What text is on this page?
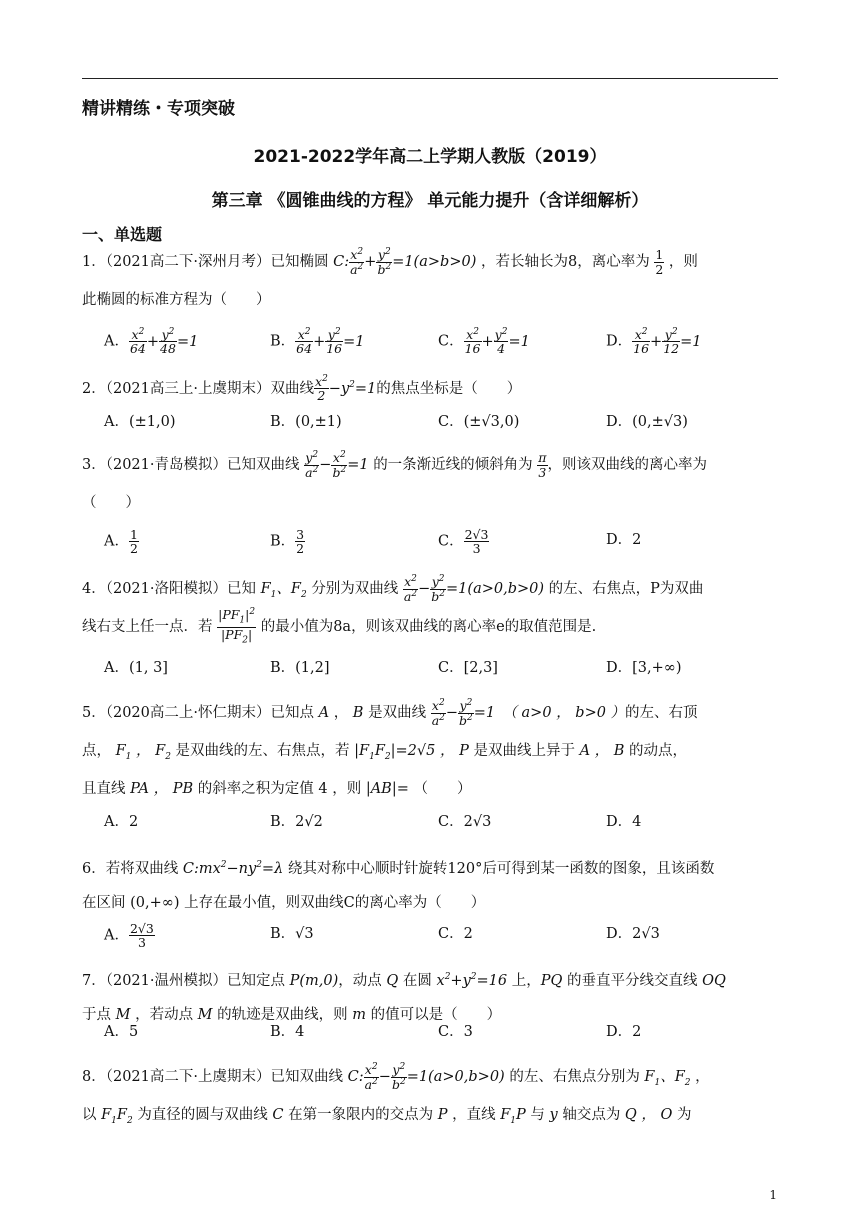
精讲精练・专项突破
2021-2022学年高二上学期人教版（2019）
第三章 《圆锥曲线的方程》 单元能力提升（含详细解析）
一、单选题
1．（2021高二下·深州月考）已知椭圆 C: $\frac{x^2}{a^2} + \frac{y^2}{b^2} =1(a>b>0)$ ，若长轴长为8，离心率为 $\frac{1}{2}$ ，则
此椭圆的标准方程为（　　）
A． $\frac{x^2}{64} + \frac{y^2}{48} =1$	B． $\frac{x^2}{64} + \frac{y^2}{16} =1$	C． $\frac{x^2}{16} + \frac{y^2}{4} =1$	D． $\frac{x^2}{16} + \frac{y^2}{12} =1$
2．（2021高三上·上虞期末）双曲线 $\frac{x^2}{2} -y^2=1$的焦点坐标是（　　）
A．(±1,0)	B．(0,±1)	C．(±√3,0)	D．(0,±√3)
3．（2021·青岛模拟）已知双曲线 $\frac{y^2}{a^2} - \frac{x^2}{b^2} =1$ 的一条渐近线的倾斜角为 $\frac{\pi}{3}$ ，则该双曲线的离心率为
（　　）
A． $\frac{1}{2}$	B． $\frac{3}{2}$	C． $\frac{2√3}{3}$	D．2
4．（2021·洛阳模拟）已知 $F_1$、$F_2$ 分别为双曲线 $\frac{x^2}{a^2} - \frac{y^2}{b^2} =1(a>0,b>0)$ 的左、右焦点，P为双曲
线右支上任一点．若 $\frac{|PF_1|^2}{|PF_2|}$ 的最小值为8a，则该双曲线的离心率e的取值范围是.
A．(1, 3]	B．(1,2]	C．[2,3]	D．[3,+∞)
5．（2020高二上·怀仁期末）已知点 A ， B 是双曲线 $\frac{x^2}{a^2} - \frac{y^2}{b^2} =1$　（ a>0 ， b>0 ）的左、右顶
点， $F_1$ ， $F_2$ 是双曲线的左、右焦点，若 $|F_1F_2|=2√5$ ， P 是双曲线上异于 A ， B 的动点，
且直线 PA ， PB 的斜率之积为定值 4 ，则 |AB|= （　　）
A．2	B．2√2	C．2√3	D．4
6．若将双曲线 $C:mx^2-ny^2=\lambda$ 绕其对称中心顺时针旋转120°后可得到某一函数的图象，且该函数
在区间 (0,+∞) 上存在最小值，则双曲线C的离心率为（　　）
A． $\frac{2√3}{3}$	B．√3	C．2	D．2√3
7．（2021·温州模拟）已知定点 P(m,0)，动点 Q 在圆 $x^2+y^2=16$ 上，PQ 的垂直平分线交直线 OQ
于点 M ，若动点 M 的轨迹是双曲线，则 m 的值可以是（　　）
A．5	B．4	C．3	D．2
8．（2021高二下·上虞期末）已知双曲线 C: $\frac{x^2}{a^2} - \frac{y^2}{b^2} =1(a>0,b>0)$ 的左、右焦点分别为 $F_1$、$F_2$ ，
以 $F_1F_2$ 为直径的圆与双曲线 C 在第一象限内的交点为 P ，直线 $F_1P$ 与 y 轴交点为 Q ， O 为
1
